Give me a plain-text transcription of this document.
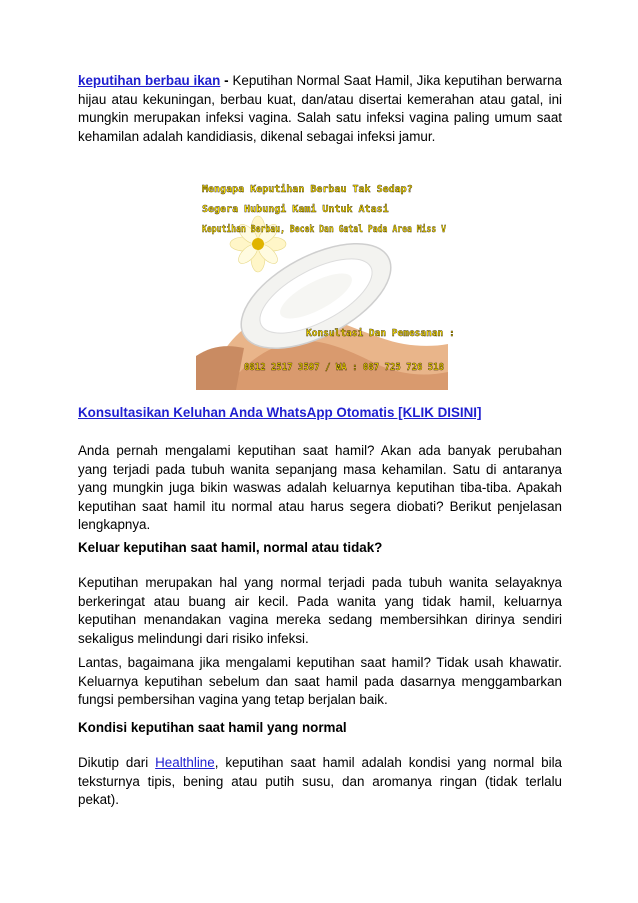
keputihan berbau ikan - Keputihan Normal Saat Hamil, Jika keputihan berwarna hijau atau kekuningan, berbau kuat, dan/atau disertai kemerahan atau gatal, ini mungkin merupakan infeksi vagina. Salah satu infeksi vagina paling umum saat kehamilan adalah kandidiasis, dikenal sebagai infeksi jamur.

Mengapa Keputihan Berbau Tak Sedap?
Segera Hubungi Kami Untuk Atasi
Keputihan Berbau, Becek Dan Gatal Pada Area Miss V
Konsultasi Dan Pemesanan :
0812 2517 3597 / WA : 087 725 726 518
Konsultasikan Keluhan Anda WhatsApp Otomatis [KLIK DISINI]

Anda pernah mengalami keputihan saat hamil? Akan ada banyak perubahan yang terjadi pada tubuh wanita sepanjang masa kehamilan. Satu di antaranya yang mungkin juga bikin waswas adalah keluarnya keputihan tiba-tiba. Apakah keputihan saat hamil itu normal atau harus segera diobati? Berikut penjelasan lengkapnya.

Keluar keputihan saat hamil, normal atau tidak?

Keputihan merupakan hal yang normal terjadi pada tubuh wanita selayaknya berkeringat atau buang air kecil. Pada wanita yang tidak hamil, keluarnya keputihan menandakan vagina mereka sedang membersihkan dirinya sendiri sekaligus melindungi dari risiko infeksi.

Lantas, bagaimana jika mengalami keputihan saat hamil? Tidak usah khawatir. Keluarnya keputihan sebelum dan saat hamil pada dasarnya menggambarkan fungsi pembersihan vagina yang tetap berjalan baik.

Kondisi keputihan saat hamil yang normal

Dikutip dari Healthline, keputihan saat hamil adalah kondisi yang normal bila teksturnya tipis, bening atau putih susu, dan aromanya ringan (tidak terlalu pekat).
